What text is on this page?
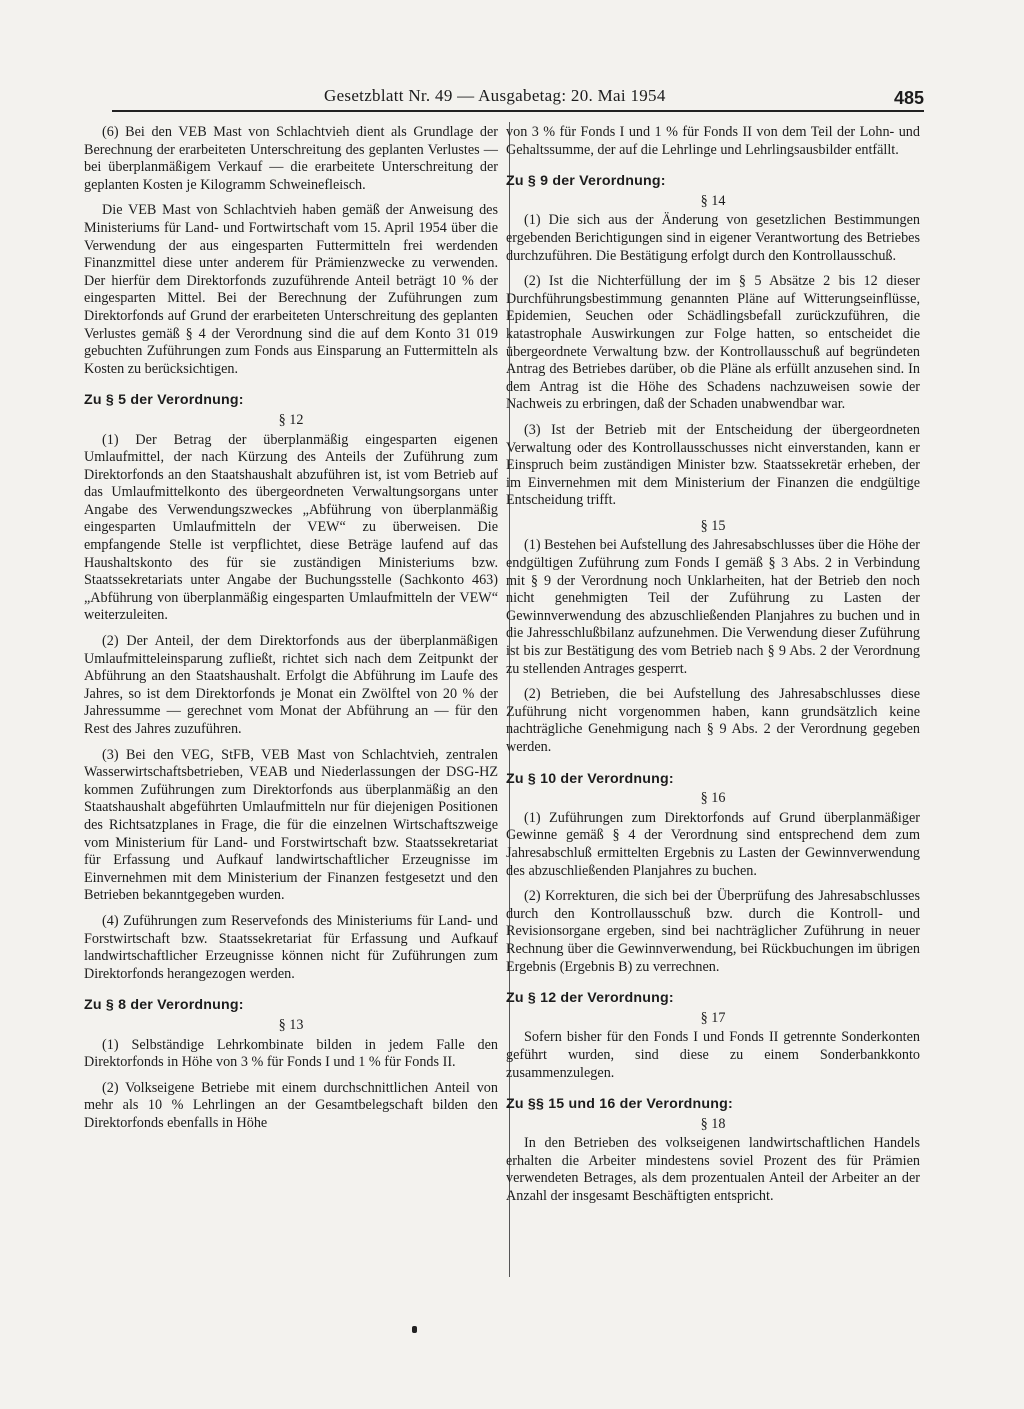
Gesetzblatt Nr. 49 — Ausgabetag: 20. Mai 1954	485

(6) Bei den VEB Mast von Schlachtvieh dient als Grundlage der Berechnung der erarbeiteten Unterschreitung des geplanten Verlustes — bei überplanmäßigem Verkauf — die erarbeitete Unterschreitung der geplanten Kosten je Kilogramm Schweinefleisch.

Die VEB Mast von Schlachtvieh haben gemäß der Anweisung des Ministeriums für Land- und Fortwirtschaft vom 15. April 1954 über die Verwendung der aus eingesparten Futtermitteln frei werdenden Finanzmittel diese unter anderem für Prämienzwecke zu verwenden. Der hierfür dem Direktorfonds zuzuführende Anteil beträgt 10 % der eingesparten Mittel. Bei der Berechnung der Zuführungen zum Direktorfonds auf Grund der erarbeiteten Unterschreitung des geplanten Verlustes gemäß § 4 der Verordnung sind die auf dem Konto 31 019 gebuchten Zuführungen zum Fonds aus Einsparung an Futtermitteln als Kosten zu berücksichtigen.

Zu § 5 der Verordnung:
§ 12

(1) Der Betrag der überplanmäßig eingesparten eigenen Umlaufmittel, der nach Kürzung des Anteils der Zuführung zum Direktorfonds an den Staatshaushalt abzuführen ist, ist vom Betrieb auf das Umlaufmittelkonto des übergeordneten Verwaltungsorgans unter Angabe des Verwendungszweckes „Abführung von überplanmäßig eingesparten Umlaufmitteln der VEW“ zu überweisen. Die empfangende Stelle ist verpflichtet, diese Beträge laufend auf das Haushaltskonto des für sie zuständigen Ministeriums bzw. Staatssekretariats unter Angabe der Buchungsstelle (Sachkonto 463) „Abführung von überplanmäßig eingesparten Umlaufmitteln der VEW“ weiterzuleiten.

(2) Der Anteil, der dem Direktorfonds aus der überplanmäßigen Umlaufmitteleinsparung zufließt, richtet sich nach dem Zeitpunkt der Abführung an den Staatshaushalt. Erfolgt die Abführung im Laufe des Jahres, so ist dem Direktorfonds je Monat ein Zwölftel von 20 % der Jahressumme — gerechnet vom Monat der Abführung an — für den Rest des Jahres zuzuführen.

(3) Bei den VEG, StFB, VEB Mast von Schlachtvieh, zentralen Wasserwirtschaftsbetrieben, VEAB und Niederlassungen der DSG-HZ kommen Zuführungen zum Direktorfonds aus überplanmäßig an den Staatshaushalt abgeführten Umlaufmitteln nur für diejenigen Positionen des Richtsatzplanes in Frage, die für die einzelnen Wirtschaftszweige vom Ministerium für Land- und Forstwirtschaft bzw. Staatssekretariat für Erfassung und Aufkauf landwirtschaftlicher Erzeugnisse im Einvernehmen mit dem Ministerium der Finanzen festgesetzt und den Betrieben bekanntgegeben wurden.

(4) Zuführungen zum Reservefonds des Ministeriums für Land- und Forstwirtschaft bzw. Staatssekretariat für Erfassung und Aufkauf landwirtschaftlicher Erzeugnisse können nicht für Zuführungen zum Direktorfonds herangezogen werden.

Zu § 8 der Verordnung:
§ 13

(1) Selbständige Lehrkombinate bilden in jedem Falle den Direktorfonds in Höhe von 3 % für Fonds I und 1 % für Fonds II.

(2) Volkseigene Betriebe mit einem durchschnittlichen Anteil von mehr als 10 % Lehrlingen an der Gesamtbelegschaft bilden den Direktorfonds ebenfalls in Höhe

von 3 % für Fonds I und 1 % für Fonds II von dem Teil der Lohn- und Gehaltssumme, der auf die Lehrlinge und Lehrlingsausbilder entfällt.

Zu § 9 der Verordnung:
§ 14

(1) Die sich aus der Änderung von gesetzlichen Bestimmungen ergebenden Berichtigungen sind in eigener Verantwortung des Betriebes durchzuführen. Die Bestätigung erfolgt durch den Kontrollausschuß.

(2) Ist die Nichterfüllung der im § 5 Absätze 2 bis 12 dieser Durchführungsbestimmung genannten Pläne auf Witterungseinflüsse, Epidemien, Seuchen oder Schädlingsbefall zurückzuführen, die katastrophale Auswirkungen zur Folge hatten, so entscheidet die übergeordnete Verwaltung bzw. der Kontrollausschuß auf begründeten Antrag des Betriebes darüber, ob die Pläne als erfüllt anzusehen sind. In dem Antrag ist die Höhe des Schadens nachzuweisen sowie der Nachweis zu erbringen, daß der Schaden unabwendbar war.

(3) Ist der Betrieb mit der Entscheidung der übergeordneten Verwaltung oder des Kontrollausschusses nicht einverstanden, kann er Einspruch beim zuständigen Minister bzw. Staatssekretär erheben, der im Einvernehmen mit dem Ministerium der Finanzen die endgültige Entscheidung trifft.

§ 15

(1) Bestehen bei Aufstellung des Jahresabschlusses über die Höhe der endgültigen Zuführung zum Fonds I gemäß § 3 Abs. 2 in Verbindung mit § 9 der Verordnung noch Unklarheiten, hat der Betrieb den noch nicht genehmigten Teil der Zuführung zu Lasten der Gewinnverwendung des abzuschließenden Planjahres zu buchen und in die Jahresschlußbilanz aufzunehmen. Die Verwendung dieser Zuführung ist bis zur Bestätigung des vom Betrieb nach § 9 Abs. 2 der Verordnung zu stellenden Antrages gesperrt.

(2) Betrieben, die bei Aufstellung des Jahresabschlusses diese Zuführung nicht vorgenommen haben, kann grundsätzlich keine nachträgliche Genehmigung nach § 9 Abs. 2 der Verordnung gegeben werden.

Zu § 10 der Verordnung:
§ 16

(1) Zuführungen zum Direktorfonds auf Grund überplanmäßiger Gewinne gemäß § 4 der Verordnung sind entsprechend dem zum Jahresabschluß ermittelten Ergebnis zu Lasten der Gewinnverwendung des abzuschließenden Planjahres zu buchen.

(2) Korrekturen, die sich bei der Überprüfung des Jahresabschlusses durch den Kontrollausschuß bzw. durch die Kontroll- und Revisionsorgane ergeben, sind bei nachträglicher Zuführung in neuer Rechnung über die Gewinnverwendung, bei Rückbuchungen im übrigen Ergebnis (Ergebnis B) zu verrechnen.

Zu § 12 der Verordnung:
§ 17

Sofern bisher für den Fonds I und Fonds II getrennte Sonderkonten geführt wurden, sind diese zu einem Sonderbankkonto zusammenzulegen.

Zu §§ 15 und 16 der Verordnung:
§ 18

In den Betrieben des volkseigenen landwirtschaftlichen Handels erhalten die Arbeiter mindestens soviel Prozent des für Prämien verwendeten Betrages, als dem prozentualen Anteil der Arbeiter an der Anzahl der insgesamt Beschäftigten entspricht.
